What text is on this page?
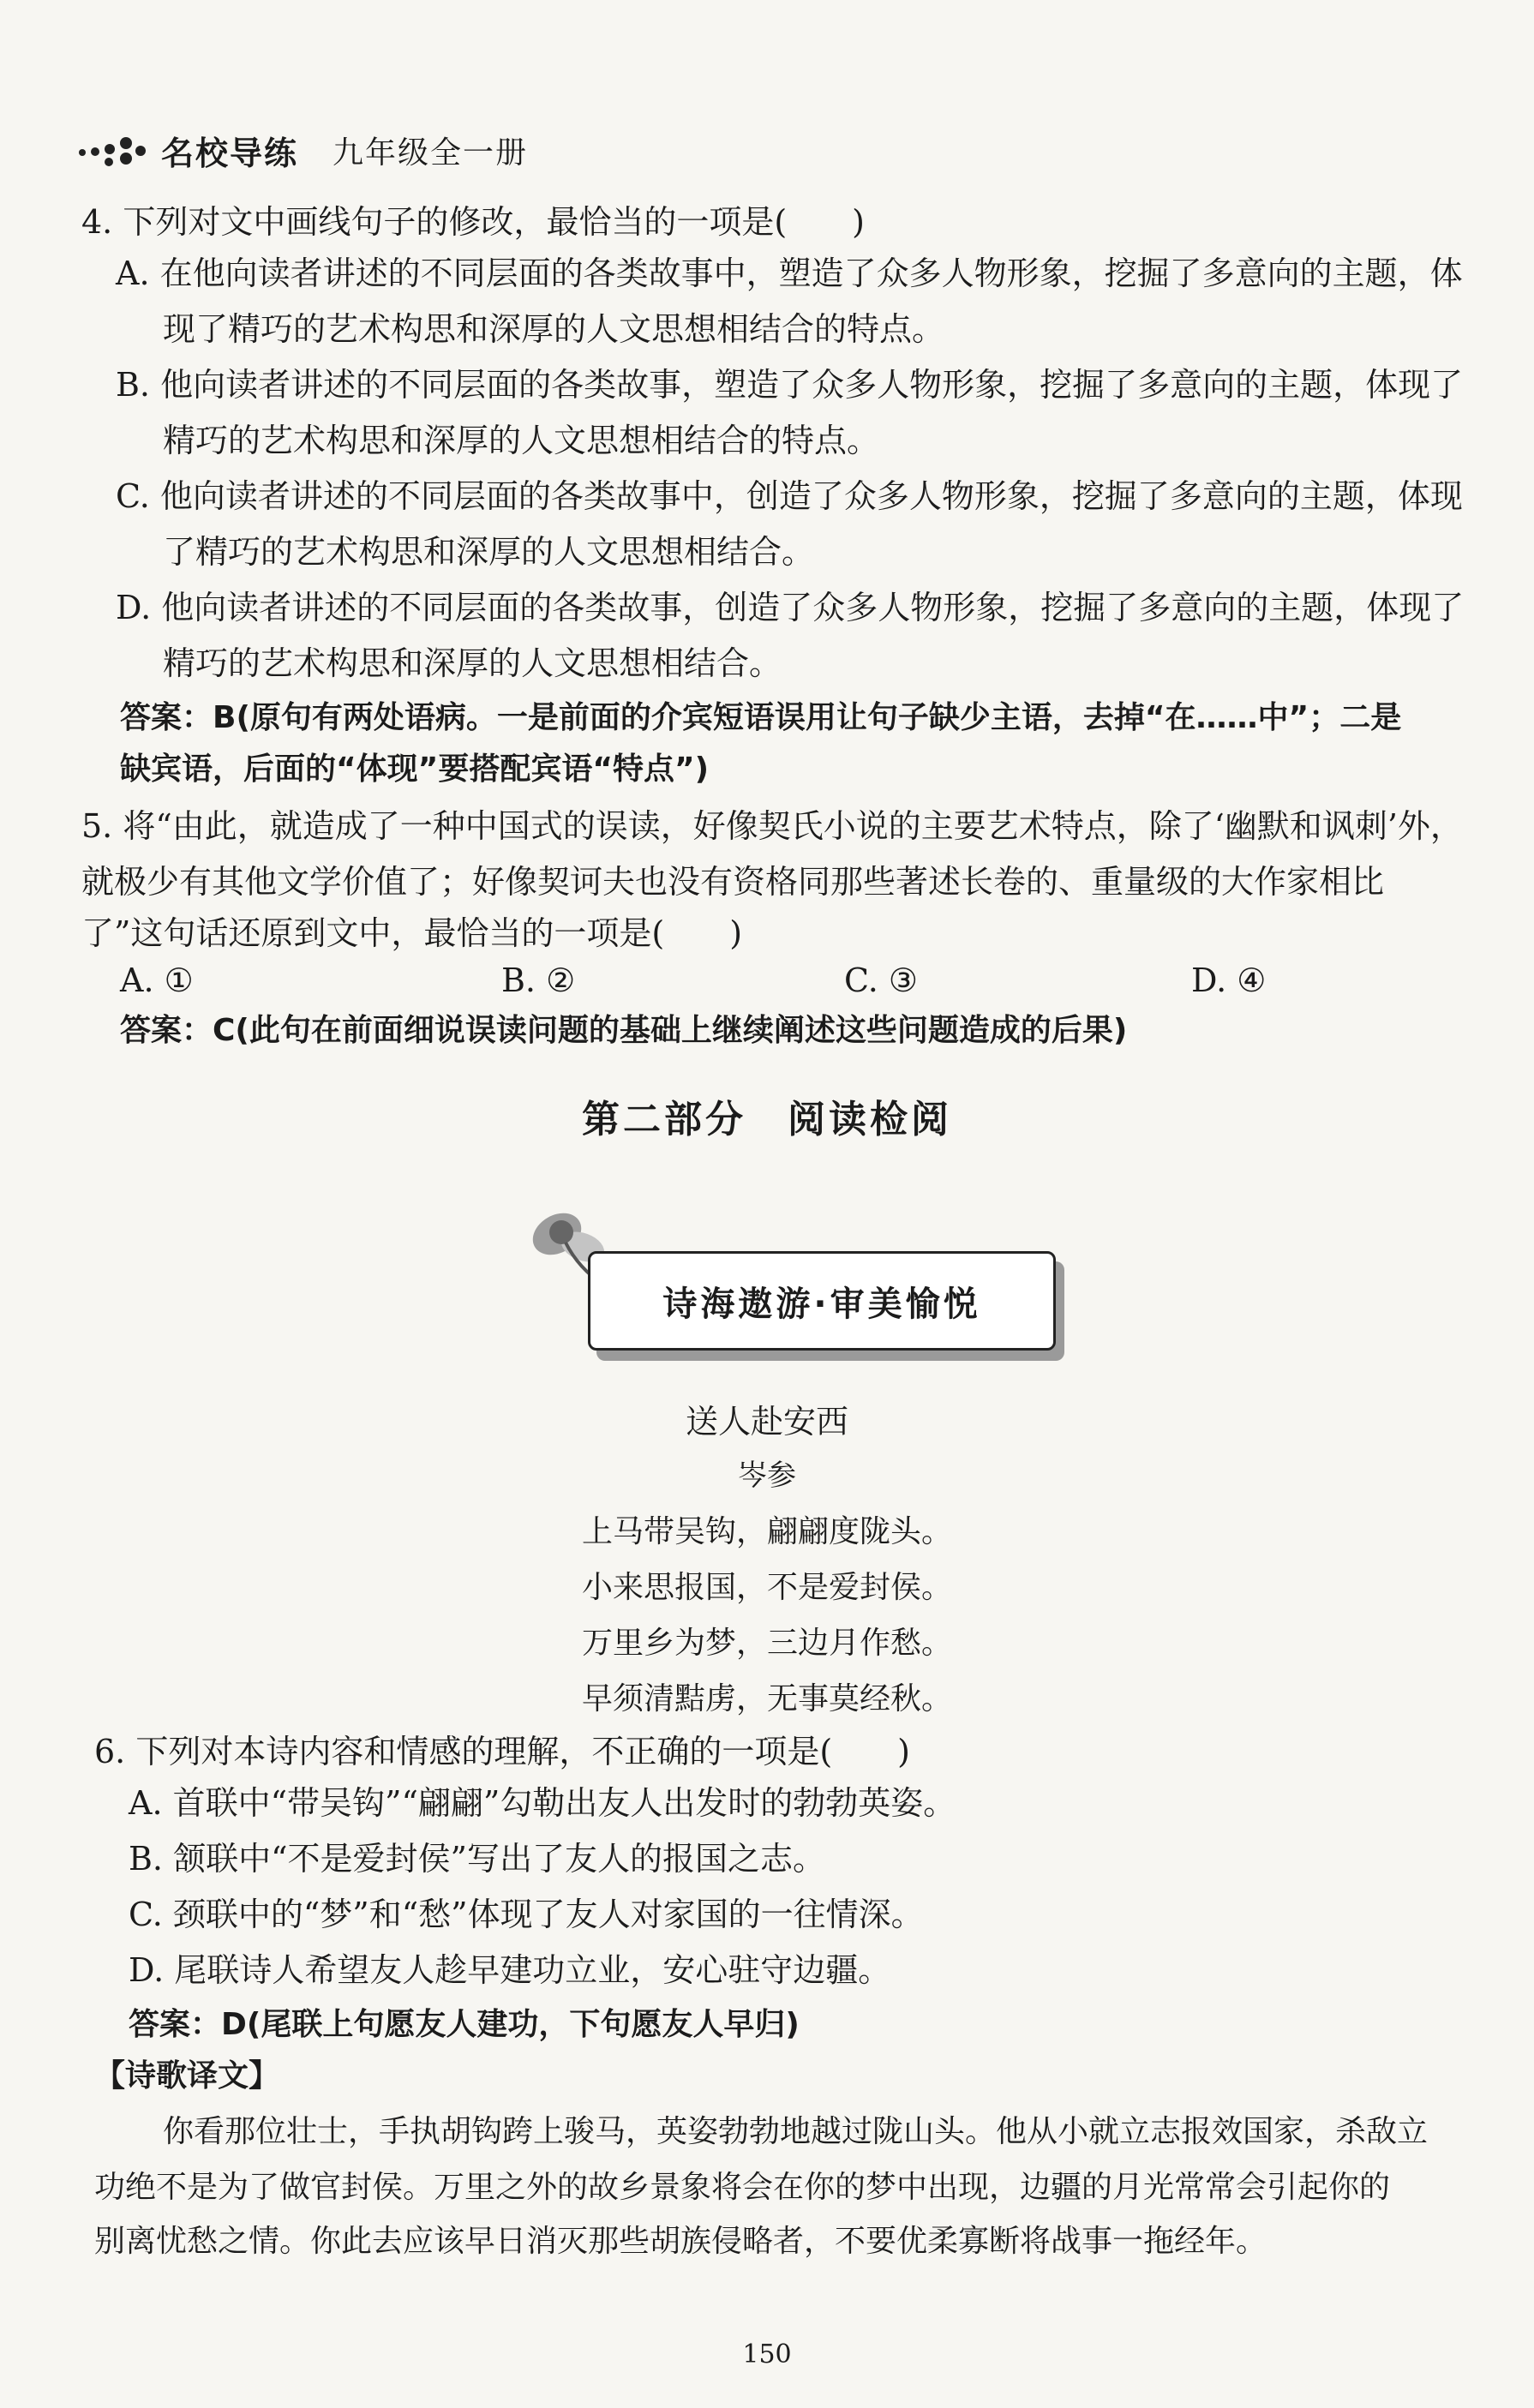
名校导练 九年级全一册
4. 下列对文中画线句子的修改，最恰当的一项是(　　)
A. 在他向读者讲述的不同层面的各类故事中，塑造了众多人物形象，挖掘了多意向的主题，体
现了精巧的艺术构思和深厚的人文思想相结合的特点。
B. 他向读者讲述的不同层面的各类故事，塑造了众多人物形象，挖掘了多意向的主题，体现了
精巧的艺术构思和深厚的人文思想相结合的特点。
C. 他向读者讲述的不同层面的各类故事中，创造了众多人物形象，挖掘了多意向的主题，体现
了精巧的艺术构思和深厚的人文思想相结合。
D. 他向读者讲述的不同层面的各类故事，创造了众多人物形象，挖掘了多意向的主题，体现了
精巧的艺术构思和深厚的人文思想相结合。
答案：B(原句有两处语病。一是前面的介宾短语误用让句子缺少主语，去掉“在……中”；二是
缺宾语，后面的“体现”要搭配宾语“特点”)
5. 将“由此，就造成了一种中国式的误读，好像契氏小说的主要艺术特点，除了‘幽默和讽刺’外，
就极少有其他文学价值了；好像契诃夫也没有资格同那些著述长卷的、重量级的大作家相比
了”这句话还原到文中，最恰当的一项是(　　)
A. ①	B. ②	C. ③	D. ④
答案：C(此句在前面细说误读问题的基础上继续阐述这些问题造成的后果)
第二部分　阅读检阅
诗海遨游·审美愉悦
送人赴安西
岑参
上马带吴钩，翩翩度陇头。
小来思报国，不是爱封侯。
万里乡为梦，三边月作愁。
早须清黠虏，无事莫经秋。
6. 下列对本诗内容和情感的理解，不正确的一项是(　　)
A. 首联中“带吴钩”“翩翩”勾勒出友人出发时的勃勃英姿。
B. 颔联中“不是爱封侯”写出了友人的报国之志。
C. 颈联中的“梦”和“愁”体现了友人对家国的一往情深。
D. 尾联诗人希望友人趁早建功立业，安心驻守边疆。
答案：D(尾联上句愿友人建功，下句愿友人早归)
【诗歌译文】
你看那位壮士，手执胡钩跨上骏马，英姿勃勃地越过陇山头。他从小就立志报效国家，杀敌立
功绝不是为了做官封侯。万里之外的故乡景象将会在你的梦中出现，边疆的月光常常会引起你的
别离忧愁之情。你此去应该早日消灭那些胡族侵略者，不要优柔寡断将战事一拖经年。
150
